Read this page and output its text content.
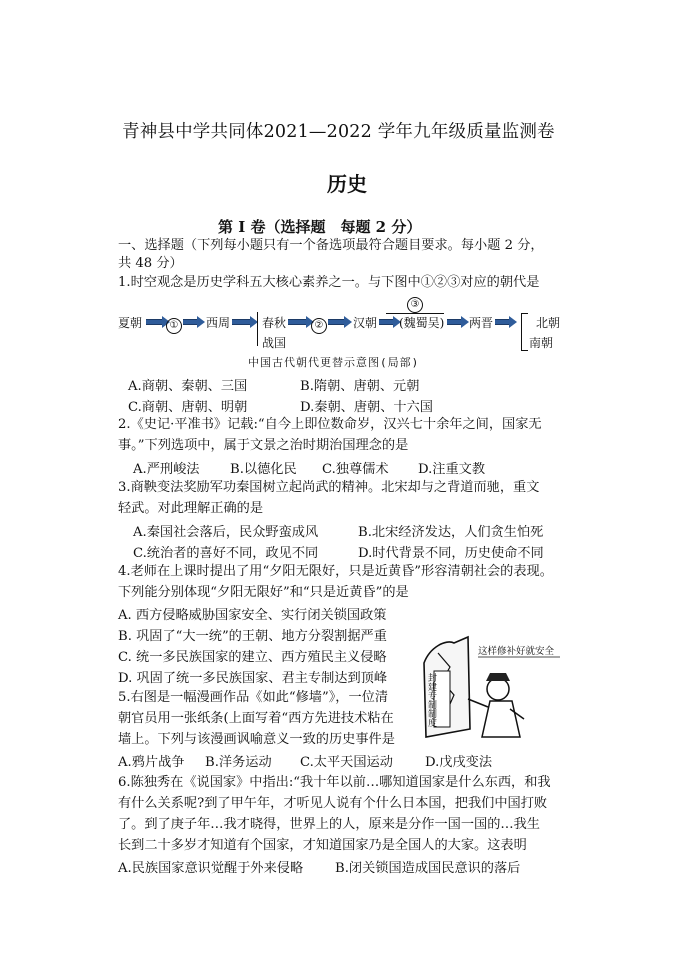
青神县中学共同体2021—2022 学年九年级质量监测卷
历史
第 I 卷（选择题　每题 2 分）
一、选择题（下列每小题只有一个备选项最符合题目要求。每小题 2 分，
共 48 分）
1.时空观念是历史学科五大核心素养之一。与下图中①②③对应的朝代是
夏朝	① 西周	春秋
战国
② 汉朝
③
(魏蜀吴) 两晋	北朝
南朝
中国古代朝代更替示意图(局部)
A.商朝、秦朝、三国	B.隋朝、唐朝、元朝
C.商朝、唐朝、明朝	D.秦朝、唐朝、十六国
2.《史记·平准书》记载:“自今上即位数命岁，汉兴七十余年之间，国家无
事。”下列选项中，属于文景之治时期治国理念的是
A.严刑峻法 B.以德化民 C.独尊儒术 D.注重文教
3.商鞅变法奖励军功秦国树立起尚武的精神。北宋却与之背道而驰，重文
轻武。对此理解正确的是
A.秦国社会落后，民众野蛮成风	B.北宋经济发达，人们贪生怕死
C.统治者的喜好不同，政见不同	D.时代背景不同，历史使命不同
4.老师在上课时提出了用“夕阳无限好，只是近黄昏”形容清朝社会的表现。
下列能分别体现“夕阳无限好”和“只是近黄昏”的是
A. 西方侵略威胁国家安全、实行闭关锁国政策
B. 巩固了“大一统”的王朝、地方分裂割据严重
C. 统一多民族国家的建立、西方殖民主义侵略
D. 巩固了统一多民族国家、君主专制达到顶峰
5.右图是一幅漫画作品《如此“修墙”》，一位清
朝官员用一张纸条(上面写着“西方先进技术粘在
墙上。下列与该漫画讽喻意义一致的历史事件是
A.鸦片战争 B.洋务运动 C.太平天国运动 D.戊戌变法
封建专制制度
这样修补好就安全
6.陈独秀在《说国家》中指出:“我十年以前…哪知道国家是什么东西，和我
有什么关系呢?到了甲午年，才听见人说有个什么日本国，把我们中国打败
了。到了庚子年…我才晓得，世界上的人，原来是分作一国一国的…我生
长到二十多岁才知道有个国家，才知道国家乃是全国人的大家。这表明
A.民族国家意识觉醒于外来侵略 B.闭关锁国造成国民意识的落后
